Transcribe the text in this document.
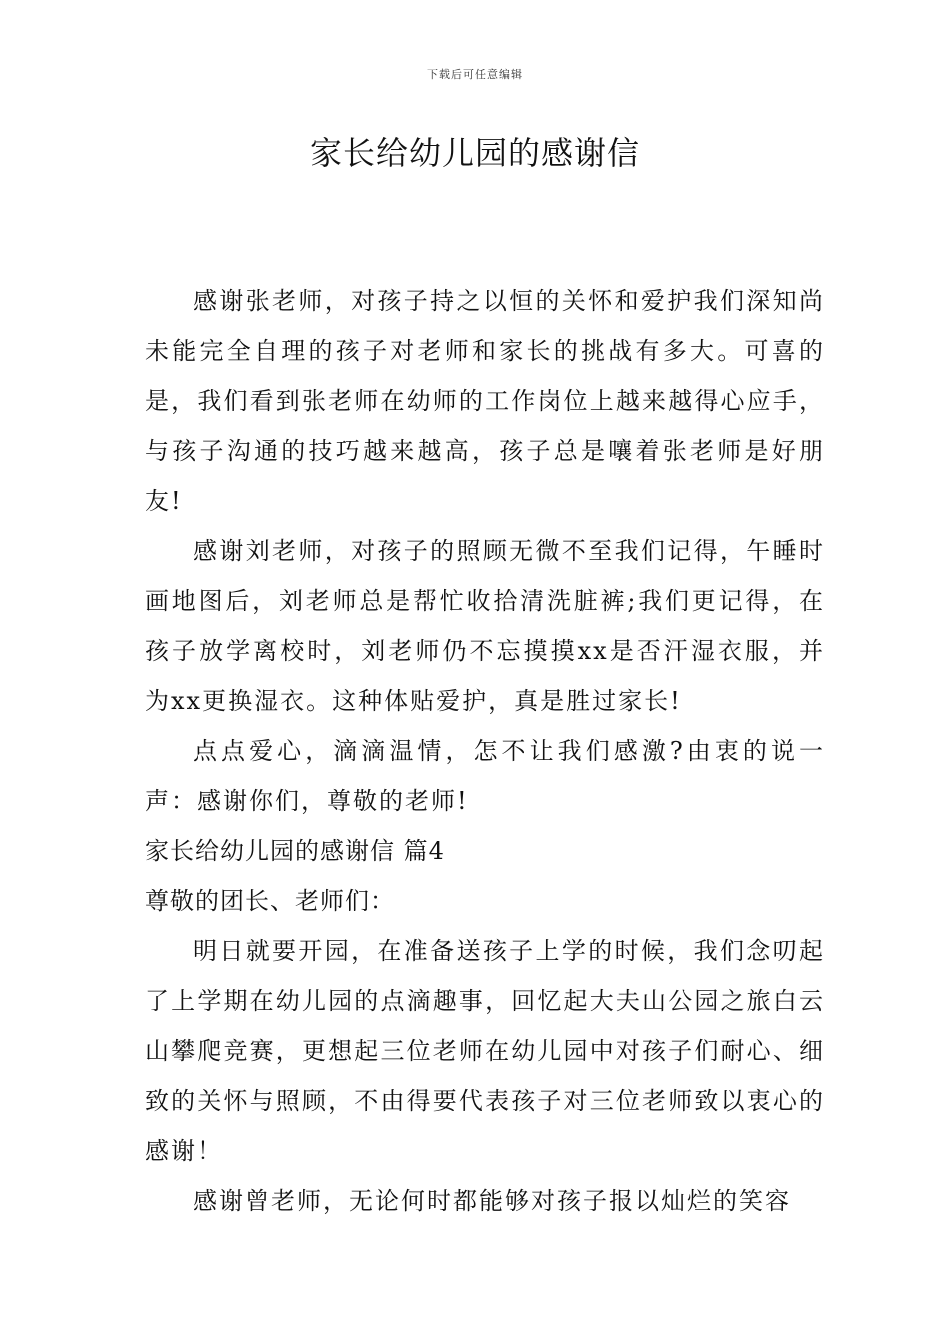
下载后可任意编辑
家长给幼儿园的感谢信

感谢张老师，对孩子持之以恒的关怀和爱护我们深知尚未能完全自理的孩子对老师和家长的挑战有多大。可喜的是，我们看到张老师在幼师的工作岗位上越来越得心应手，与孩子沟通的技巧越来越高，孩子总是嚷着张老师是好朋友!

感谢刘老师，对孩子的照顾无微不至我们记得，午睡时画地图后，刘老师总是帮忙收拾清洗脏裤;我们更记得，在孩子放学离校时，刘老师仍不忘摸摸xx是否汗湿衣服，并为xx更换湿衣。这种体贴爱护，真是胜过家长!

点点爱心，滴滴温情，怎不让我们感激?由衷的说一声：感谢你们，尊敬的老师!

家长给幼儿园的感谢信 篇4

尊敬的团长、老师们：

明日就要开园，在准备送孩子上学的时候，我们念叨起了上学期在幼儿园的点滴趣事，回忆起大夫山公园之旅白云山攀爬竞赛，更想起三位老师在幼儿园中对孩子们耐心、细致的关怀与照顾，不由得要代表孩子对三位老师致以衷心的感谢！

感谢曾老师，无论何时都能够对孩子报以灿烂的笑容
